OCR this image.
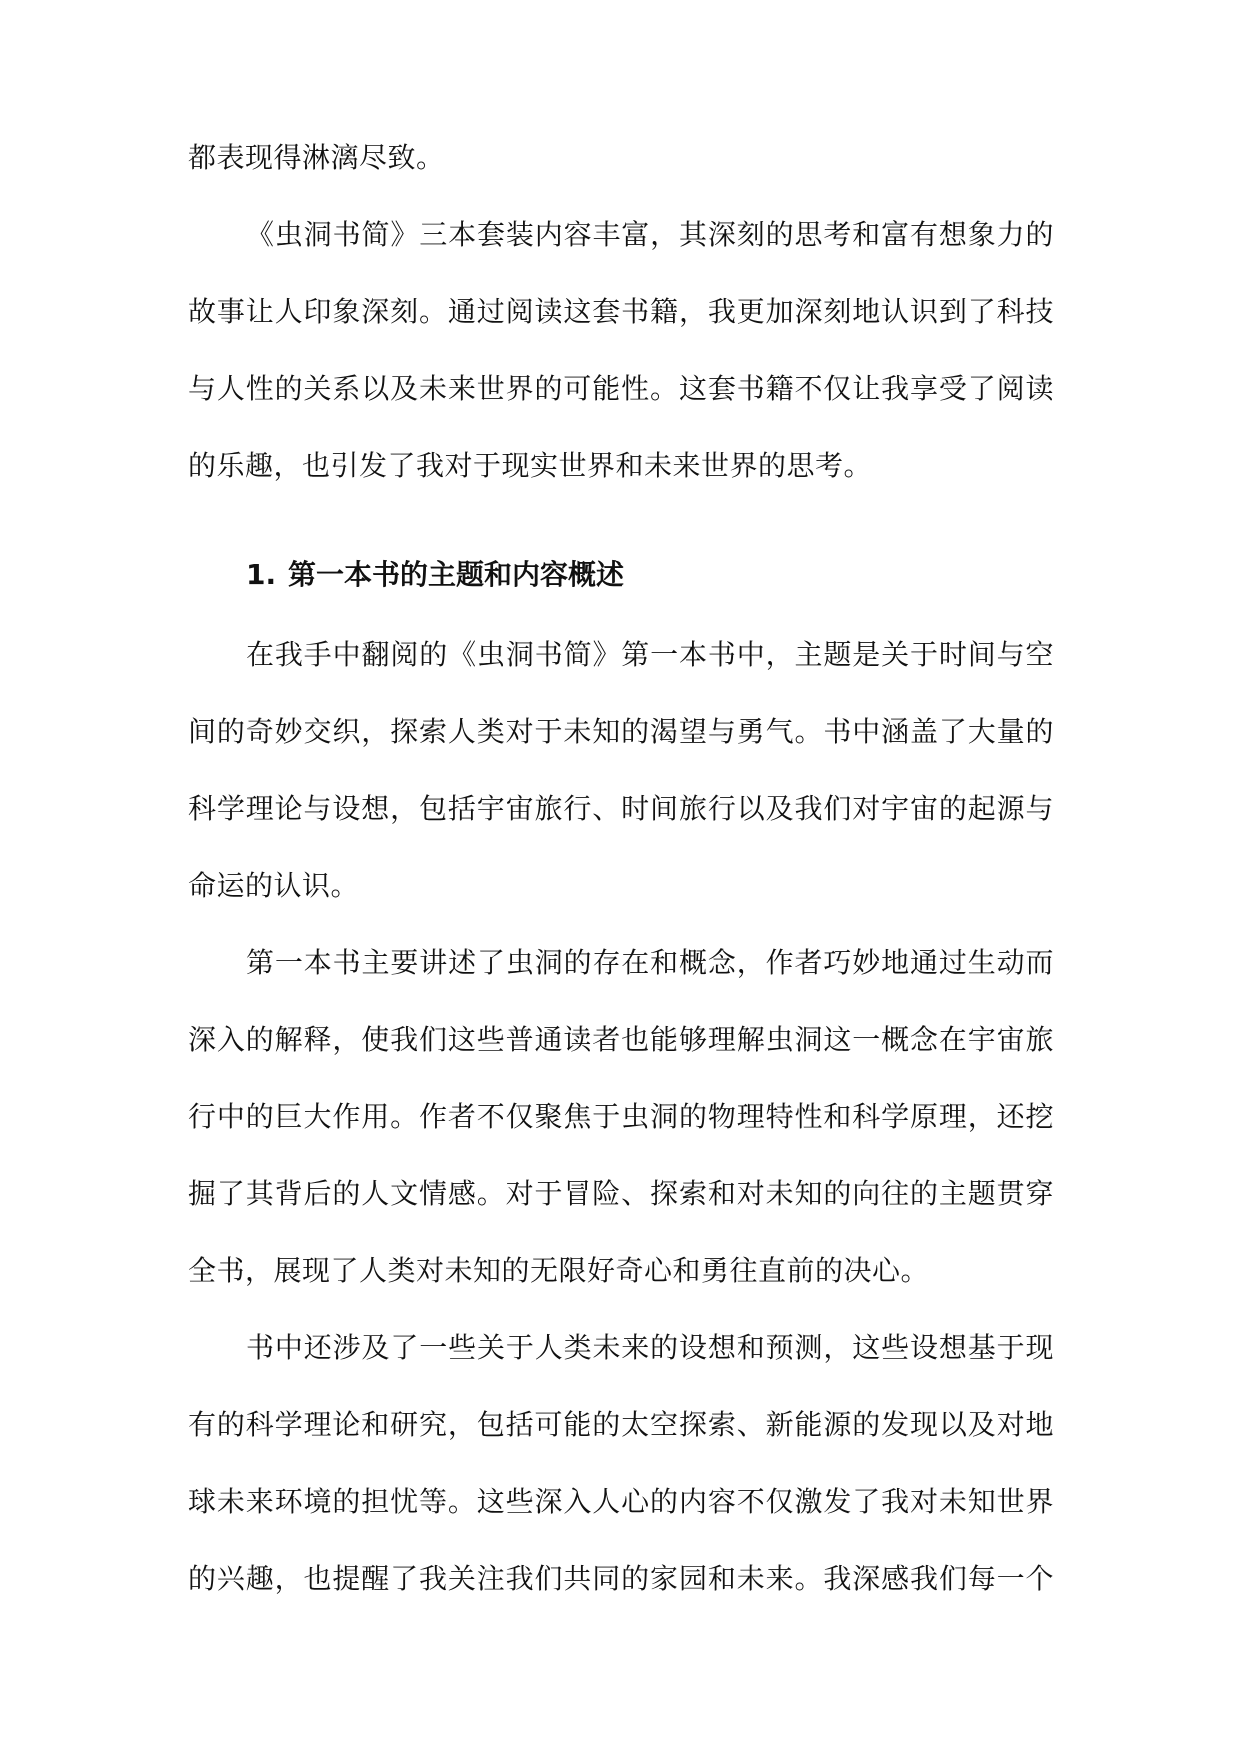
都表现得淋漓尽致。
《虫洞书简》三本套装内容丰富，其深刻的思考和富有想象力的
故事让人印象深刻。通过阅读这套书籍，我更加深刻地认识到了科技
与人性的关系以及未来世界的可能性。这套书籍不仅让我享受了阅读
的乐趣，也引发了我对于现实世界和未来世界的思考。
1. 第一本书的主题和内容概述
在我手中翻阅的《虫洞书简》第一本书中，主题是关于时间与空
间的奇妙交织，探索人类对于未知的渴望与勇气。书中涵盖了大量的
科学理论与设想，包括宇宙旅行、时间旅行以及我们对宇宙的起源与
命运的认识。
第一本书主要讲述了虫洞的存在和概念，作者巧妙地通过生动而
深入的解释，使我们这些普通读者也能够理解虫洞这一概念在宇宙旅
行中的巨大作用。作者不仅聚焦于虫洞的物理特性和科学原理，还挖
掘了其背后的人文情感。对于冒险、探索和对未知的向往的主题贯穿
全书，展现了人类对未知的无限好奇心和勇往直前的决心。
书中还涉及了一些关于人类未来的设想和预测，这些设想基于现
有的科学理论和研究，包括可能的太空探索、新能源的发现以及对地
球未来环境的担忧等。这些深入人心的内容不仅激发了我对未知世界
的兴趣，也提醒了我关注我们共同的家园和未来。我深感我们每一个
